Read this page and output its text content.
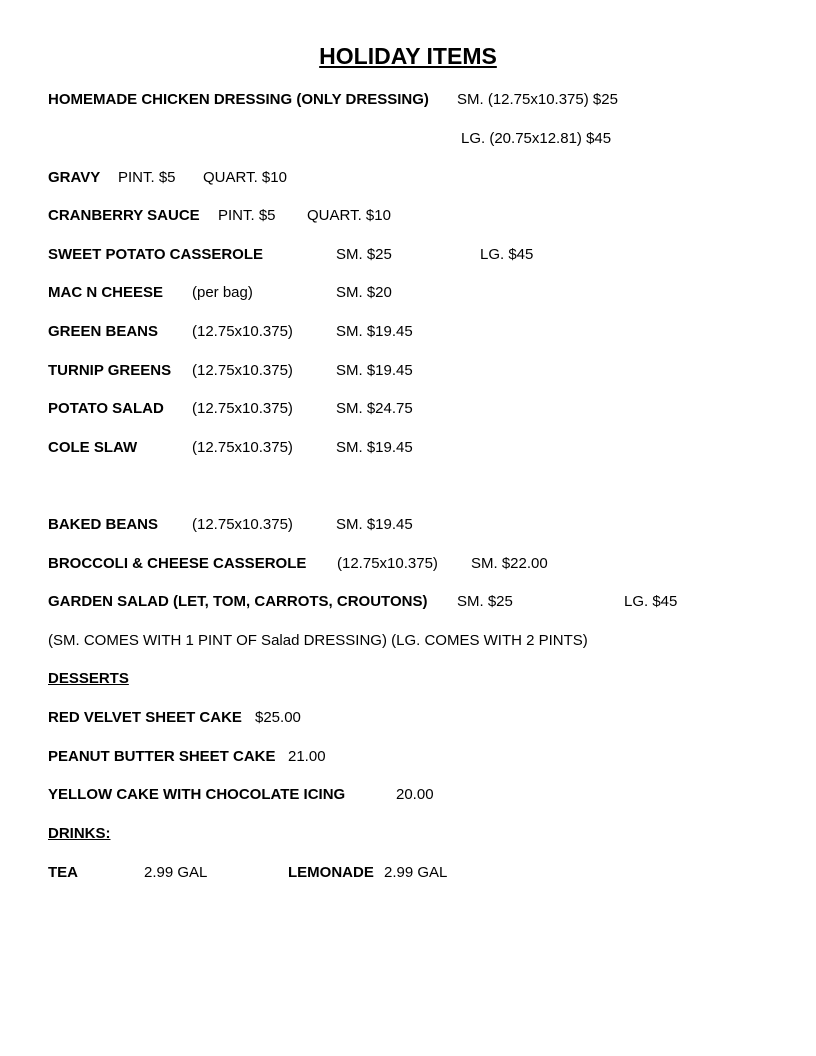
HOLIDAY ITEMS
HOMEMADE CHICKEN DRESSING (ONLY DRESSING) SM. (12.75x10.375) $25
LG. (20.75x12.81) $45
GRAVY PINT. $5 QUART. $10
CRANBERRY SAUCE PINT. $5 QUART. $10
SWEET POTATO CASSEROLE	SM. $25	LG. $45
MAC N CHEESE (per bag)	SM. $20
GREEN BEANS (12.75x10.375)	SM. $19.45
TURNIP GREENS (12.75x10.375)	SM. $19.45
POTATO SALAD (12.75x10.375)	SM. $24.75
COLE SLAW	(12.75x10.375)	SM. $19.45
BAKED BEANS (12.75x10.375)	SM. $19.45
BROCCOLI & CHEESE CASSEROLE (12.75x10.375) SM. $22.00
GARDEN SALAD (LET, TOM, CARROTS, CROUTONS) SM. $25	LG. $45
(SM. COMES WITH 1 PINT OF Salad DRESSING) (LG. COMES WITH 2 PINTS)
DESSERTS
RED VELVET SHEET CAKE $25.00
PEANUT BUTTER SHEET CAKE 21.00
YELLOW CAKE WITH CHOCOLATE ICING	20.00
DRINKS:
TEA	2.99 GAL	LEMONADE 2.99 GAL
